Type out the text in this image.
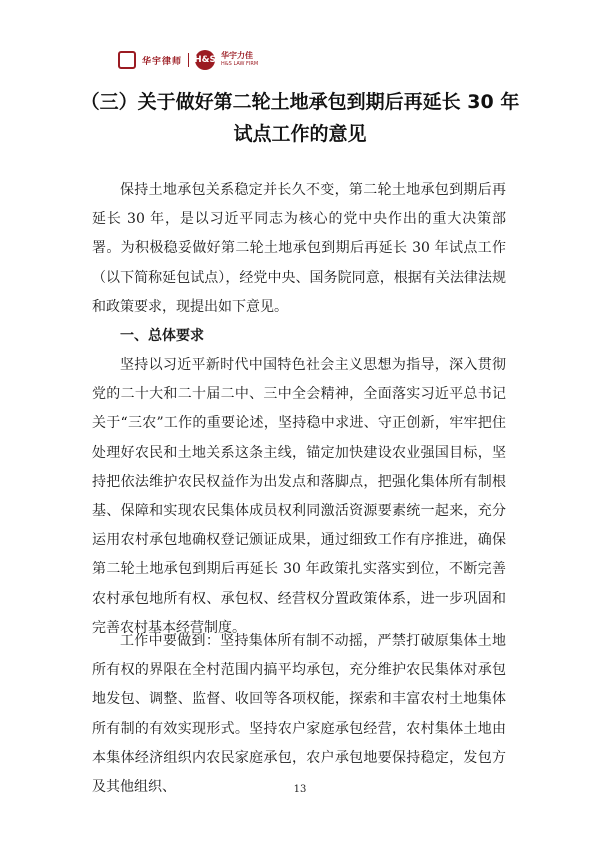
华宇律师 H&S 华宇力佳
H&S LAW FIRM
（三）关于做好第二轮土地承包到期后再延长 30 年
试点工作的意见

保持土地承包关系稳定并长久不变，第二轮土地承包到期后再延长 30 年，是以习近平同志为核心的党中央作出的重大决策部署。为积极稳妥做好第二轮土地承包到期后再延长 30 年试点工作（以下简称延包试点），经党中央、国务院同意，根据有关法律法规和政策要求，现提出如下意见。

一、总体要求

坚持以习近平新时代中国特色社会主义思想为指导，深入贯彻党的二十大和二十届二中、三中全会精神，全面落实习近平总书记关于“三农”工作的重要论述，坚持稳中求进、守正创新，牢牢把住处理好农民和土地关系这条主线，锚定加快建设农业强国目标，坚持把依法维护农民权益作为出发点和落脚点，把强化集体所有制根基、保障和实现农民集体成员权利同激活资源要素统一起来，充分运用农村承包地确权登记颁证成果，通过细致工作有序推进，确保第二轮土地承包到期后再延长 30 年政策扎实落实到位，不断完善农村承包地所有权、承包权、经营权分置政策体系，进一步巩固和完善农村基本经营制度。

工作中要做到：坚持集体所有制不动摇，严禁打破原集体土地所有权的界限在全村范围内搞平均承包，充分维护农民集体对承包地发包、调整、监督、收回等各项权能，探索和丰富农村土地集体所有制的有效实现形式。坚持农户家庭承包经营，农村集体土地由本集体经济组织内农民家庭承包，农户承包地要保持稳定，发包方及其他组织、	13
